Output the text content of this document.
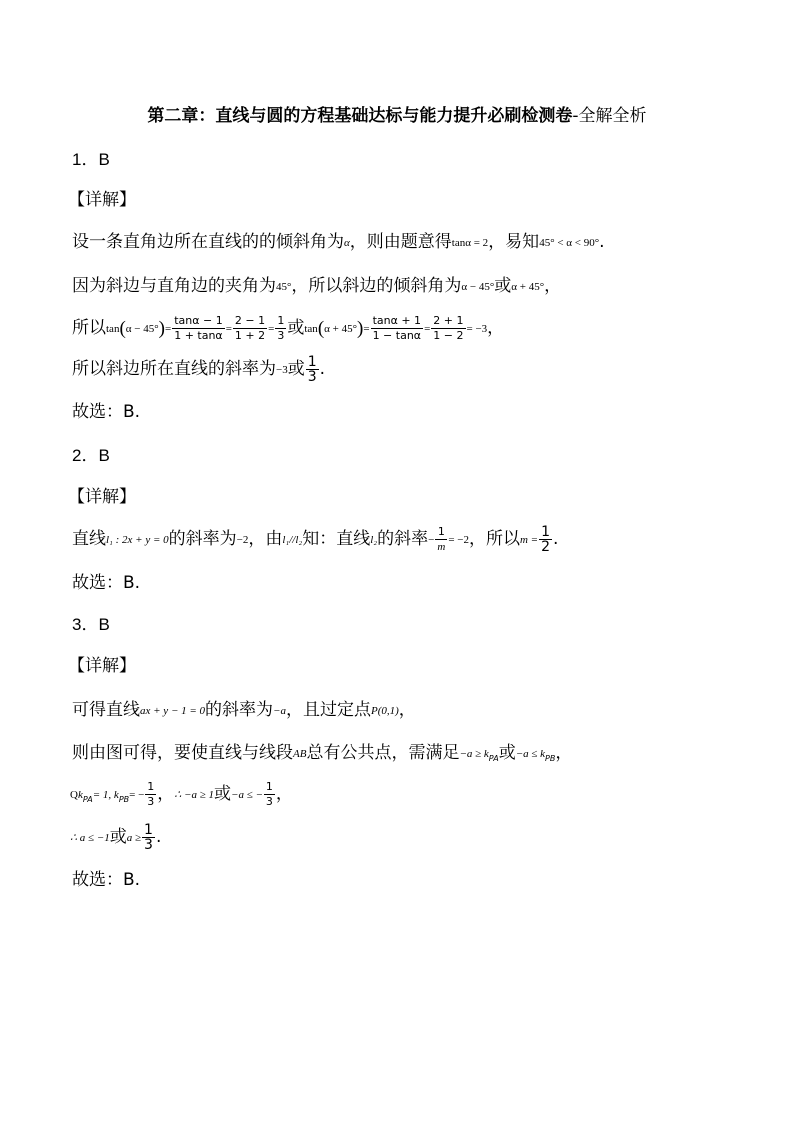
第二章：直线与圆的方程基础达标与能力提升必刷检测卷-全解全析
1．B
【详解】
设一条直角边所在直线的的倾斜角为α，则由题意得tanα = 2，易知45° < α < 90°.
因为斜边与直角边的夹角为45°，所以斜边的倾斜角为α − 45°或α + 45°，
所以$\tan(\alpha - 45^\circ)= \frac{\tan\alpha - 1}{1 + \tan\alpha} = \frac{2 - 1}{1 + 2} = \frac{1}{3}$ 或$\tan(\alpha + 45^\circ)= \frac{\tan\alpha + 1}{1 - \tan\alpha} = \frac{2 + 1}{1 - 2} = -3$，
所以斜边所在直线的斜率为−3或 $\frac{1}{3}$ .
故选：B.
2．B
【详解】
直线l₁ : 2x + y = 0的斜率为−2，由l₁//l₂知：直线l₂的斜率− $\frac{1}{m} = -2$，所以$m = \frac{1}{2}$ .
故选：B.
3．B
【详解】
可得直线ax + y − 1 = 0的斜率为−a，且过定点P(0,1)，
则由图可得，要使直线与线段AB总有公共点，需满足$-a \ge k_{PA}$或$-a \le k_{PB}$，
$Qk_{PA}= 1$, $k_{PB}= - \frac{1}{3}$ ，∴ −a ≥ 1或−a ≤ − $\frac{1}{3}$ ，
∴ a ≤ −1或$a \ge \frac{1}{3}$ .
故选：B.
